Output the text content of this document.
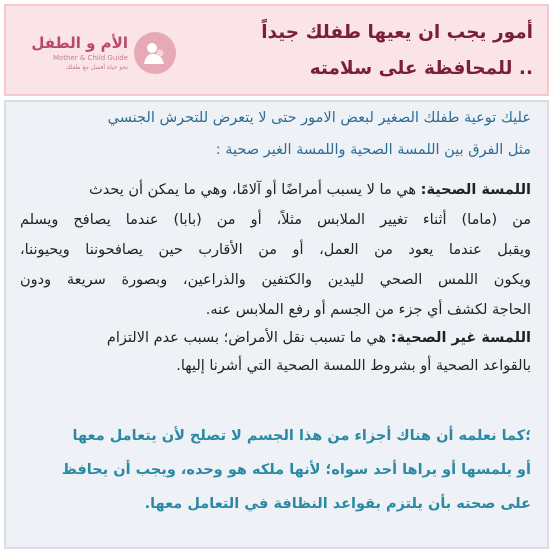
الأم و الطفل
Mother & Child Guide
نحو حياة أفضل مع طفلك
أمور يجب ان يعيها طفلك جيداً
.. للمحافظة على سلامته
عليك توعية طفلك الصغير لبعض الامور حتى لا يتعرض للتحرش الجنسي
مثل الفرق بين اللمسة الصحية واللمسة الغير صحية :
اللمسة الصحية: هي ما لا يسبب أمراضًا أو آلامًا، وهي ما يمكن أن يحدث
من (ماما) أثناء تغيير الملابس مثلاً، أو من (بابا) عندما يصافح ويسلم
ويقبل عندما يعود من العمل، أو من الأقارب حين يصافحوننا ويحيوننا،
ويكون اللمس الصحي لليدين والكتفين والذراعين، وبصورة سريعة ودون
الحاجة لكشف أي جزء من الجسم أو رفع الملابس عنه.
اللمسة غير الصحية: هي ما تسبب نقل الأمراض؛ بسبب عدم الالتزام
بالقواعد الصحية أو بشروط اللمسة الصحية التي أشرنا إليها.
؛كما نعلمه أن هناك أجزاء من هذا الجسم لا تصلح لأن يتعامل معها
أو يلمسها أو يراها أحد سواه؛ لأنها ملكه هو وحده، ويجب أن يحافظ
على صحته بأن يلتزم بقواعد النظافة في التعامل معها.
